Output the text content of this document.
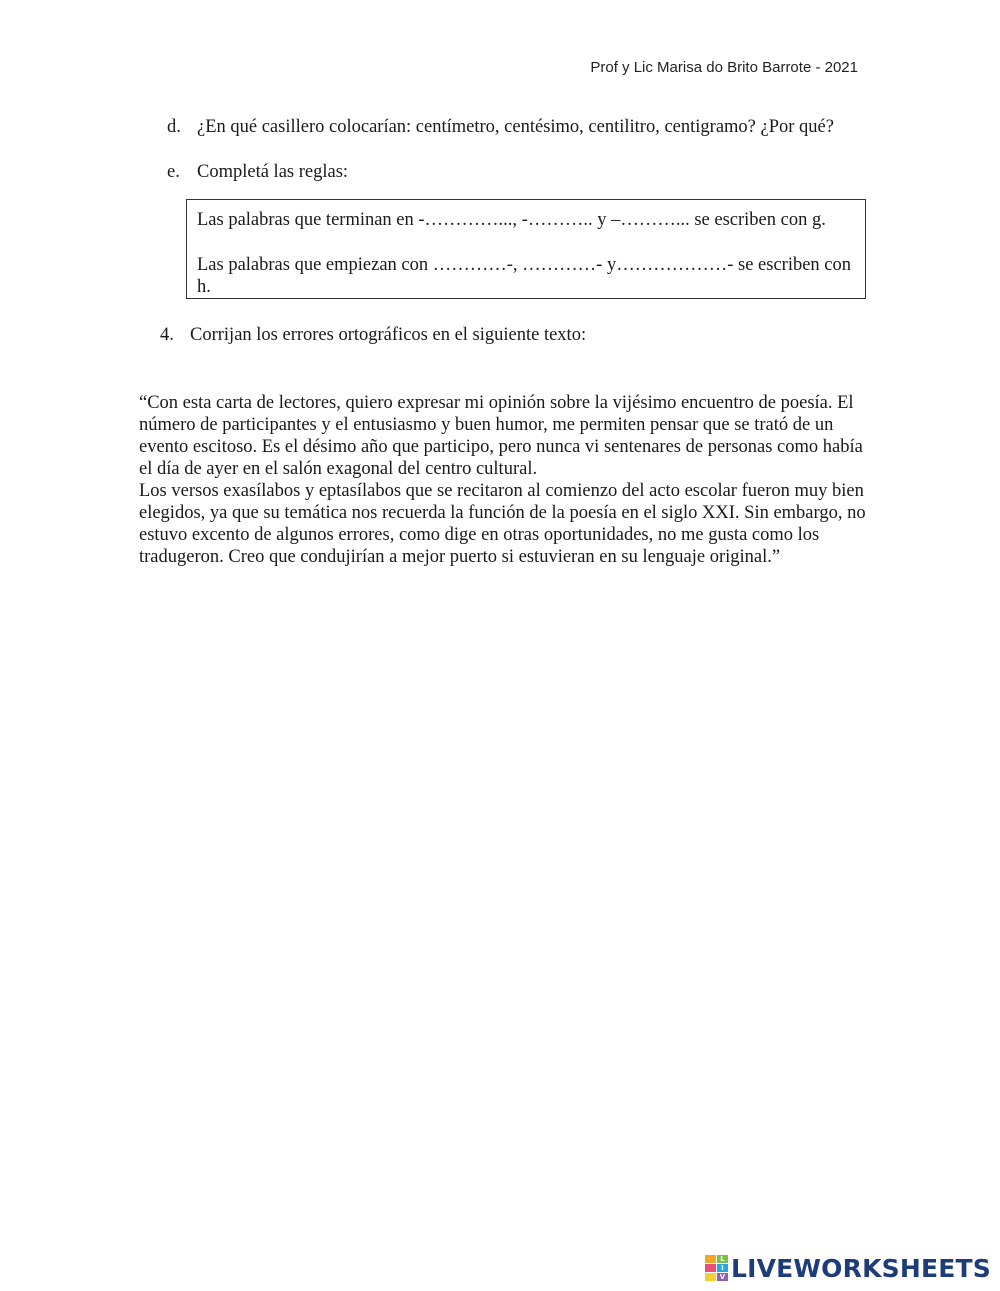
Prof y Lic Marisa do Brito Barrote - 2021
d. ¿En qué casillero colocarían: centímetro, centésimo, centilitro, centigramo? ¿Por qué?
e. Completá las reglas:
Las palabras que terminan en -…………..., -……….. y –………... se escriben con g.
Las palabras que empiezan con …………-, …………- y………………- se escriben con h.
4. Corrijan los errores ortográficos en el siguiente texto:

“Con esta carta de lectores, quiero expresar mi opinión sobre la vijésimo encuentro de poesía. El número de participantes y el entusiasmo y buen humor, me permiten pensar que se trató de un evento escitoso. Es el désimo año que participo, pero nunca vi sentenares de personas como había el día de ayer en el salón exagonal del centro cultural.

Los versos exasílabos y eptasílabos que se recitaron al comienzo del acto escolar fueron muy bien elegidos, ya que su temática nos recuerda la función de la poesía en el siglo XXI. Sin embargo, no estuvo excento de algunos errores, como dige en otras oportunidades, no me gusta como los tradugeron. Creo que condujirían a mejor puerto si estuvieran en su lenguaje original.”

L
I
V LIVEWORKSHEETS
